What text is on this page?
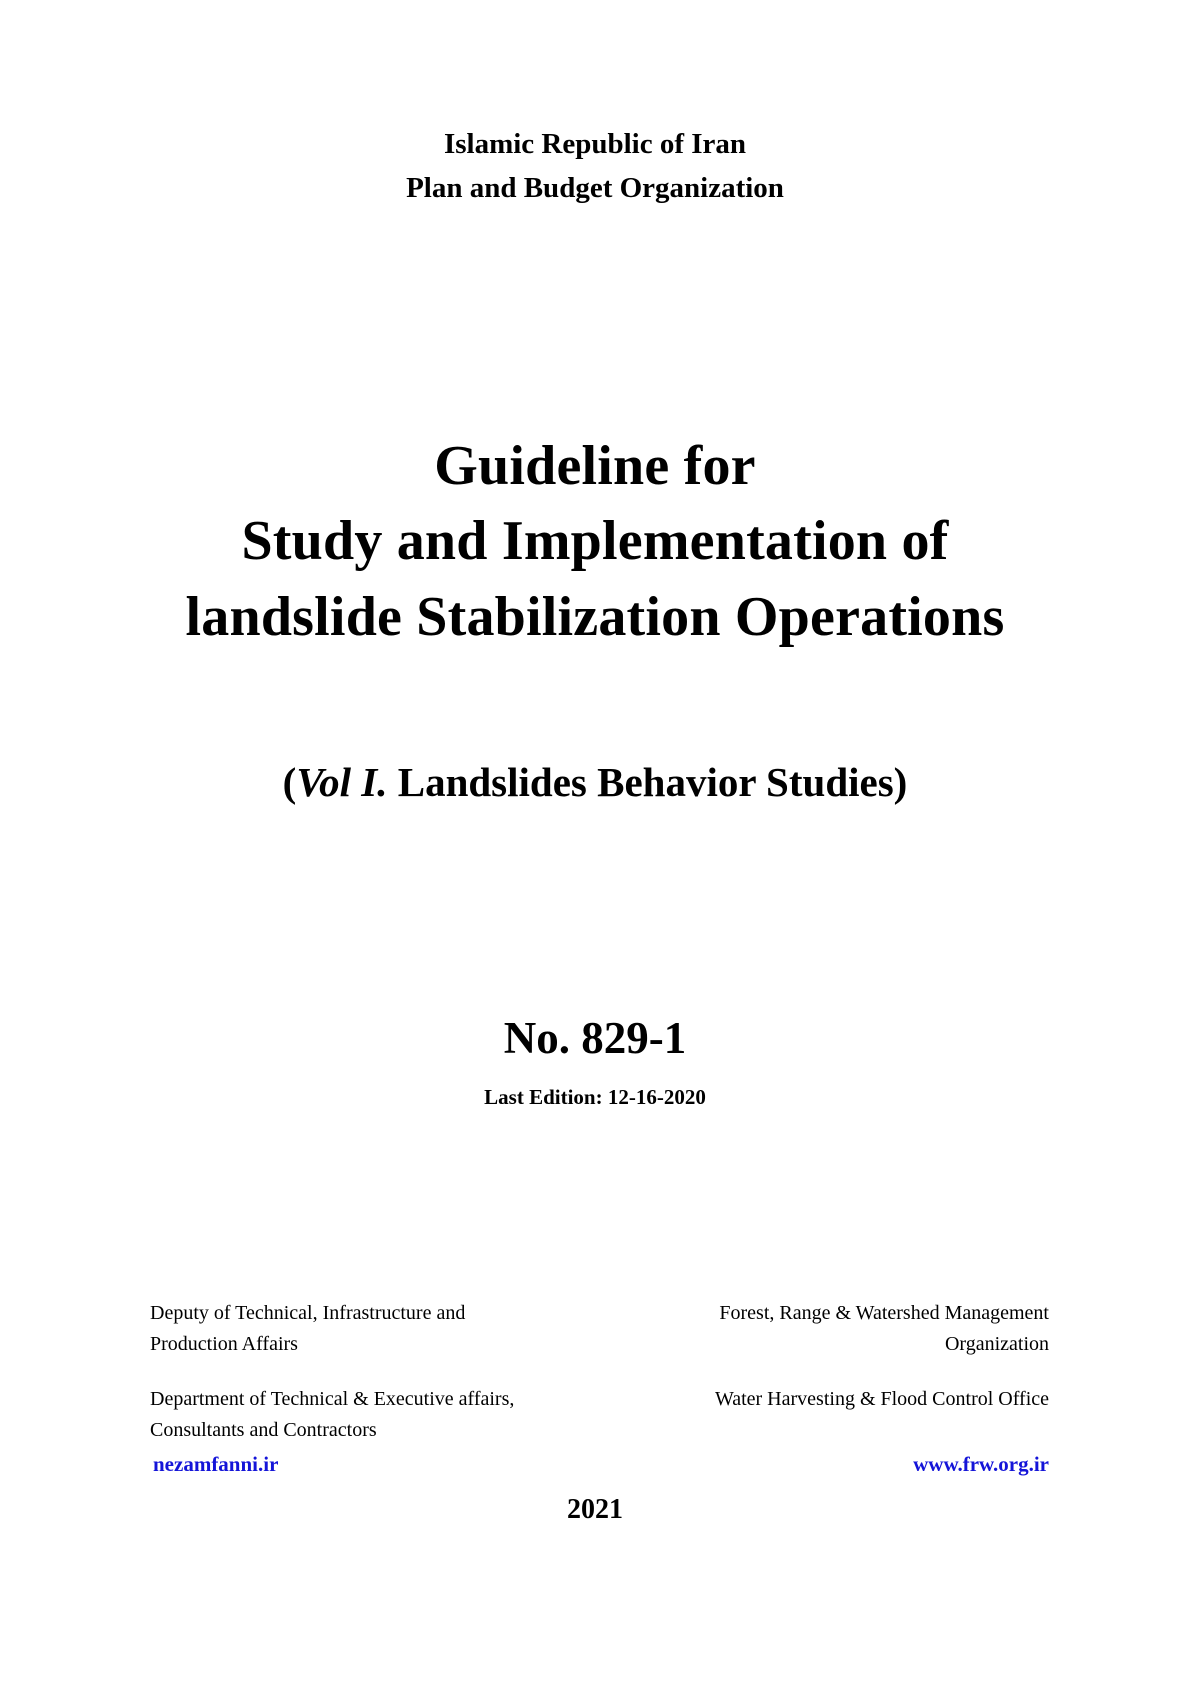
Islamic Republic of Iran
Plan and Budget Organization
Guideline for
Study and Implementation of
landslide Stabilization Operations
(Vol I. Landslides Behavior Studies)
No. 829-1
Last Edition: 12-16-2020
Deputy of Technical, Infrastructure and
Production Affairs
Department of Technical & Executive affairs,
Consultants and Contractors
Forest, Range & Watershed Management
Organization
Water Harvesting & Flood Control Office
nezamfanni.ir	www.frw.org.ir
2021
